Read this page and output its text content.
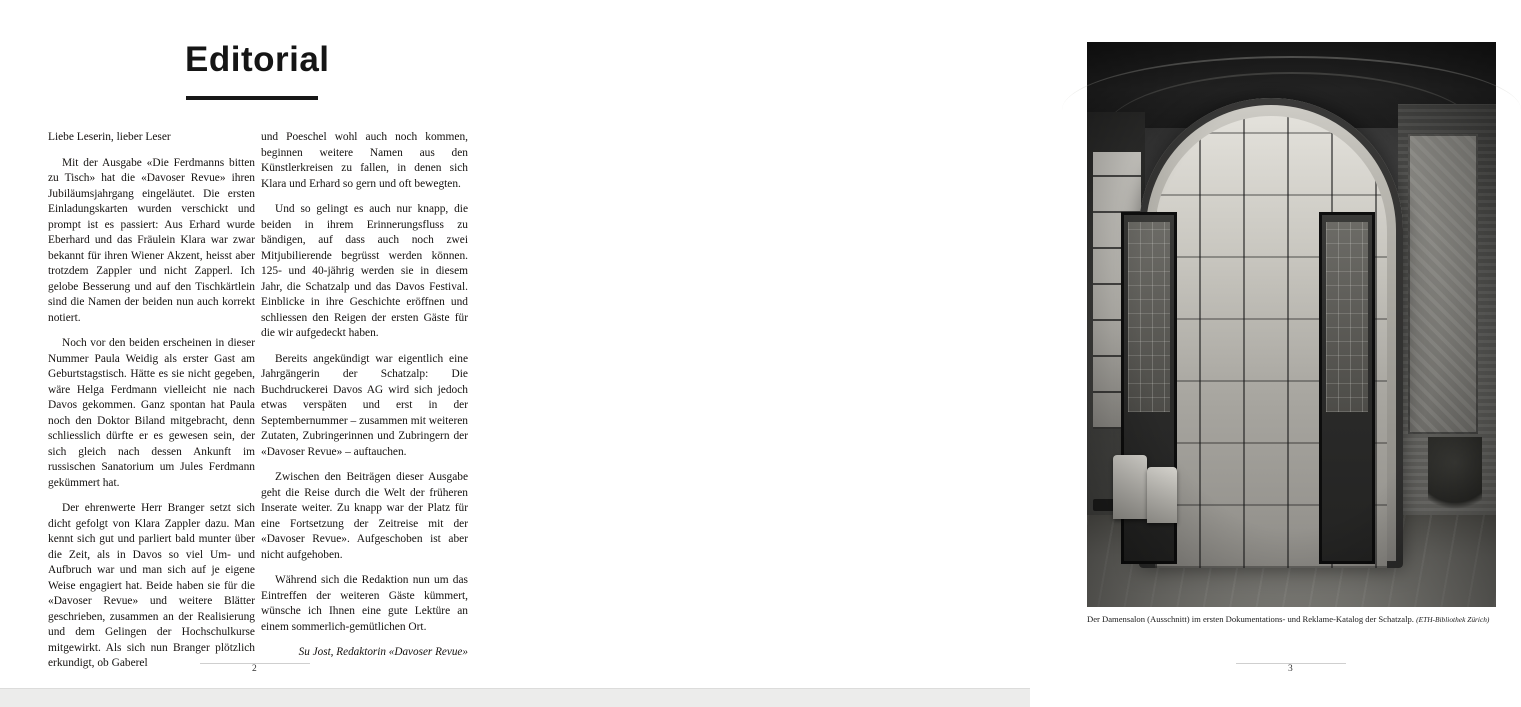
Editorial

Liebe Leserin, lieber Leser

Mit der Ausgabe «Die Ferdmanns bitten zu Tisch» hat die «Davoser Revue» ihren Jubiläumsjahrgang eingeläutet. Die ersten Einladungskarten wurden verschickt und prompt ist es passiert: Aus Erhard wurde Eberhard und das Fräulein Klara war zwar bekannt für ihren Wiener Akzent, heisst aber trotzdem Zappler und nicht Zapperl. Ich gelobe Besserung und auf den Tischkärtlein sind die Namen der beiden nun auch korrekt notiert.

Noch vor den beiden erscheinen in dieser Nummer Paula Weidig als erster Gast am Geburtstagstisch. Hätte es sie nicht gegeben, wäre Helga Ferdmann vielleicht nie nach Davos gekommen. Ganz spontan hat Paula noch den Doktor Biland mitgebracht, denn schliesslich dürfte er es gewesen sein, der sich gleich nach dessen Ankunft im russischen Sanatorium um Jules Ferdmann gekümmert hat.

Der ehrenwerte Herr Branger setzt sich dicht gefolgt von Klara Zappler dazu. Man kennt sich gut und parliert bald munter über die Zeit, als in Davos so viel Um- und Aufbruch war und man sich auf je eigene Weise engagiert hat. Beide haben sie für die «Davoser Revue» und weitere Blätter geschrieben, zusammen an der Realisierung und dem Gelingen der Hochschulkurse mitgewirkt. Als sich nun Branger plötzlich erkundigt, ob Gaberel

und Poeschel wohl auch noch kommen, beginnen weitere Namen aus den Künstlerkreisen zu fallen, in denen sich Klara und Erhard so gern und oft bewegten.

Und so gelingt es auch nur knapp, die beiden in ihrem Erinnerungsfluss zu bändigen, auf dass auch noch zwei Mitjubilierende begrüsst werden können. 125- und 40-jährig werden sie in diesem Jahr, die Schatzalp und das Davos Festival. Einblicke in ihre Geschichte eröffnen und schliessen den Reigen der ersten Gäste für die wir aufgedeckt haben.

Bereits angekündigt war eigentlich eine Jahrgängerin der Schatzalp: Die Buchdruckerei Davos AG wird sich jedoch etwas verspäten und erst in der Septembernummer – zusammen mit weiteren Zutaten, Zubringerinnen und Zubringern der «Davoser Revue» – auftauchen.

Zwischen den Beiträgen dieser Ausgabe geht die Reise durch die Welt der früheren Inserate weiter. Zu knapp war der Platz für eine Fortsetzung der Zeitreise mit der «Davoser Revue». Aufgeschoben ist aber nicht aufgehoben.

Während sich die Redaktion nun um das Eintreffen der weiteren Gäste kümmert, wünsche ich Ihnen eine gute Lektüre an einem sommerlich-gemütlichen Ort.

Su Jost, Redaktorin «Davoser Revue»

2
Der Damensalon (Ausschnitt) im ersten Dokumentations- und Reklame-Katalog der Schatzalp. (ETH-Bibliothek Zürich)
3
